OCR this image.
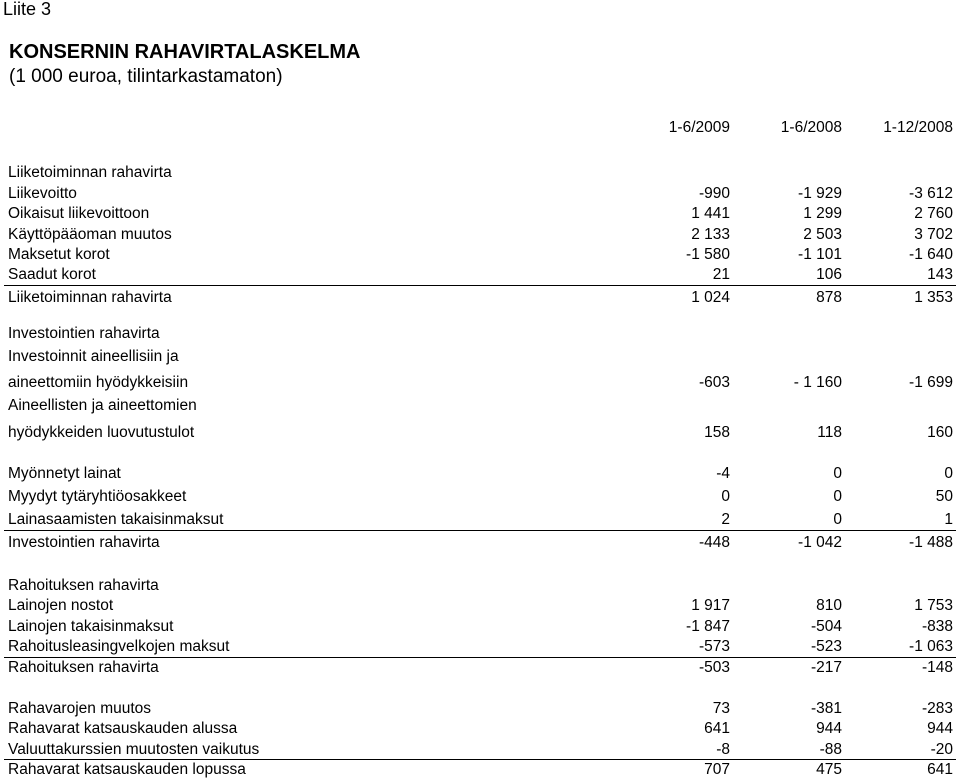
Liite 3
KONSERNIN RAHAVIRTALASKELMA
(1 000 euroa, tilintarkastamaton)
1-6/2009	1-6/2008	1-12/2008
Liiketoiminnan rahavirta
Liikevoitto	-990	-1 929	-3 612
Oikaisut liikevoittoon	1 441	1 299	2 760
Käyttöpääoman muutos	2 133	2 503	3 702
Maksetut korot	-1 580	-1 101	-1 640
Saadut korot	21	106	143
Liiketoiminnan rahavirta	1 024	878	1 353
Investointien rahavirta
Investoinnit aineellisiin ja
aineettomiin hyödykkeisiin	-603	- 1 160	-1 699
Aineellisten ja aineettomien
hyödykkeiden luovutustulot	158	118	160
Myönnetyt lainat	-4	0	0
Myydyt tytäryhtiöosakkeet	0	0	50
Lainasaamisten takaisinmaksut	2	0	1
Investointien rahavirta	-448	-1 042	-1 488
Rahoituksen rahavirta
Lainojen nostot	1 917	810	1 753
Lainojen takaisinmaksut	-1 847	-504	-838
Rahoitusleasingvelkojen maksut	-573	-523	-1 063
Rahoituksen rahavirta	-503	-217	-148
Rahavarojen muutos	73	-381	-283
Rahavarat katsauskauden alussa	641	944	944
Valuuttakurssien muutosten vaikutus	-8	-88	-20
Rahavarat katsauskauden lopussa	707	475	641
